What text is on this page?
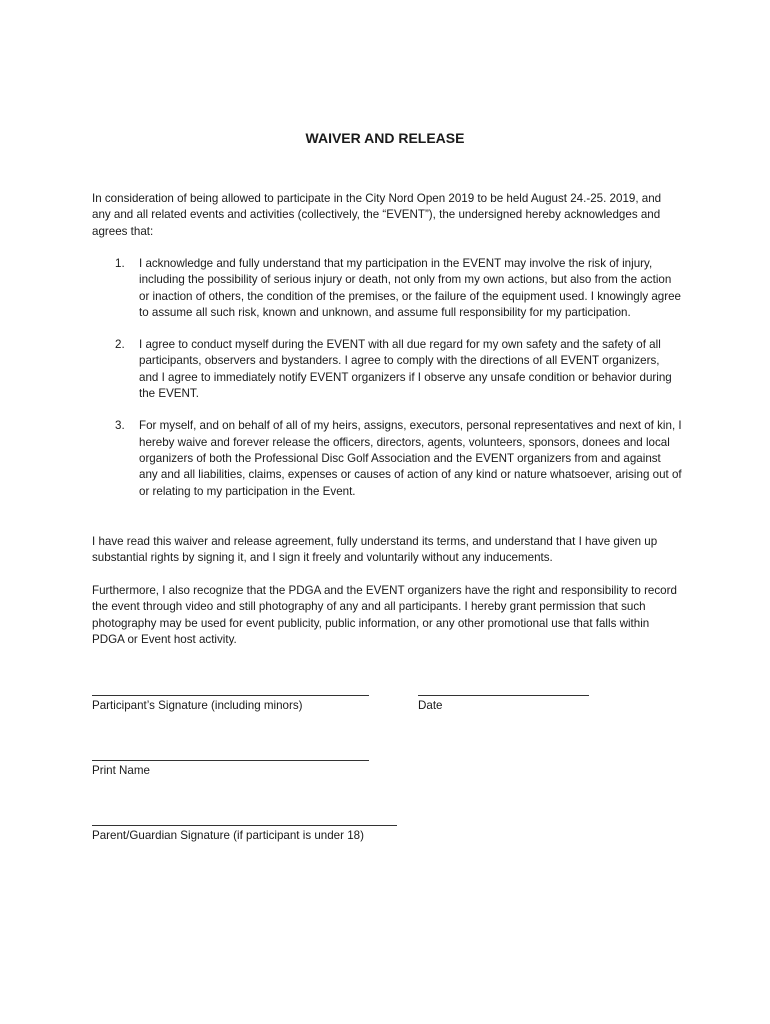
WAIVER AND RELEASE

In consideration of being allowed to participate in the City Nord Open 2019 to be held August 24.-25. 2019, and any and all related events and activities (collectively, the “EVENT”), the undersigned hereby acknowledges and agrees that:

1. I acknowledge and fully understand that my participation in the EVENT may involve the risk of injury, including the possibility of serious injury or death, not only from my own actions, but also from the action or inaction of others, the condition of the premises, or the failure of the equipment used. I knowingly agree to assume all such risk, known and unknown, and assume full responsibility for my participation.
2. I agree to conduct myself during the EVENT with all due regard for my own safety and the safety of all participants, observers and bystanders. I agree to comply with the directions of all EVENT organizers, and I agree to immediately notify EVENT organizers if I observe any unsafe condition or behavior during the EVENT.
3. For myself, and on behalf of all of my heirs, assigns, executors, personal representatives and next of kin, I hereby waive and forever release the officers, directors, agents, volunteers, sponsors, donees and local organizers of both the Professional Disc Golf Association and the EVENT organizers from and against any and all liabilities, claims, expenses or causes of action of any kind or nature whatsoever, arising out of or relating to my participation in the Event.

I have read this waiver and release agreement, fully understand its terms, and understand that I have given up substantial rights by signing it, and I sign it freely and voluntarily without any inducements.

Furthermore, I also recognize that the PDGA and the EVENT organizers have the right and responsibility to record the event through video and still photography of any and all participants. I hereby grant permission that such photography may be used for event publicity, public information, or any other promotional use that falls within PDGA or Event host activity.

Participant’s Signature (including minors)	Date
Print Name
Parent/Guardian Signature (if participant is under 18)
